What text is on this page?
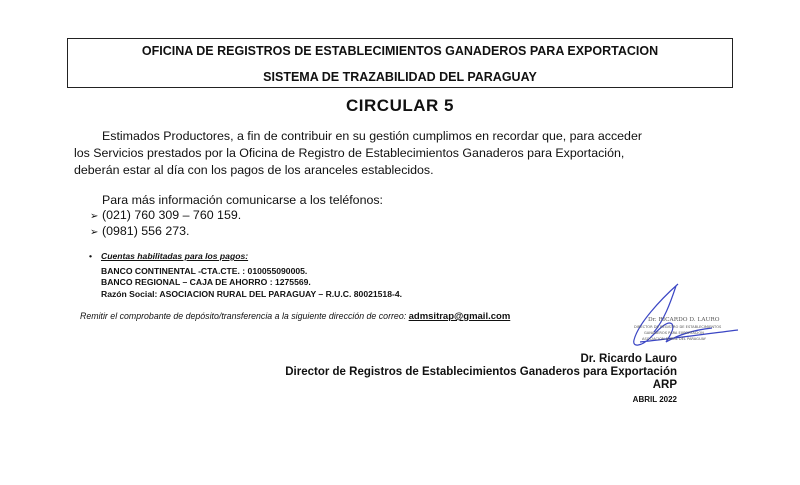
OFICINA DE REGISTROS DE ESTABLECIMIENTOS GANADEROS PARA EXPORTACION
SISTEMA DE TRAZABILIDAD DEL PARAGUAY
CIRCULAR 5

Estimados Productores, a fin de contribuir en su gestión cumplimos en recordar que, para acceder

los Servicios prestados por la Oficina de Registro de Establecimientos Ganaderos para Exportación,

deberán estar al día con los pagos de los aranceles establecidos.

Para más información comunicarse a los teléfonos:
➢ (021) 760 309 – 760 159.
➢ (0981) 556 273.
• Cuentas habilitadas para los pagos:
BANCO CONTINENTAL -CTA.CTE. : 010055090005.
BANCO REGIONAL – CAJA DE AHORRO : 1275569.
Razón Social: ASOCIACION RURAL DEL PARAGUAY – R.U.C. 80021518-4.
Remitir el comprobante de depósito/transferencia a la siguiente dirección de correo: admsitrap@gmail.com	Dr. RICARDO D. LAURO
DIRECTOR DE REGISTRO DE ESTABLECIMIENTOS
GANADEROS PARA EXPORTACION
ASOCIACION RURAL DEL PARAGUAY
Dr. Ricardo Lauro
Director de Registros de Establecimientos Ganaderos para Exportación
ARP
ABRIL 2022
